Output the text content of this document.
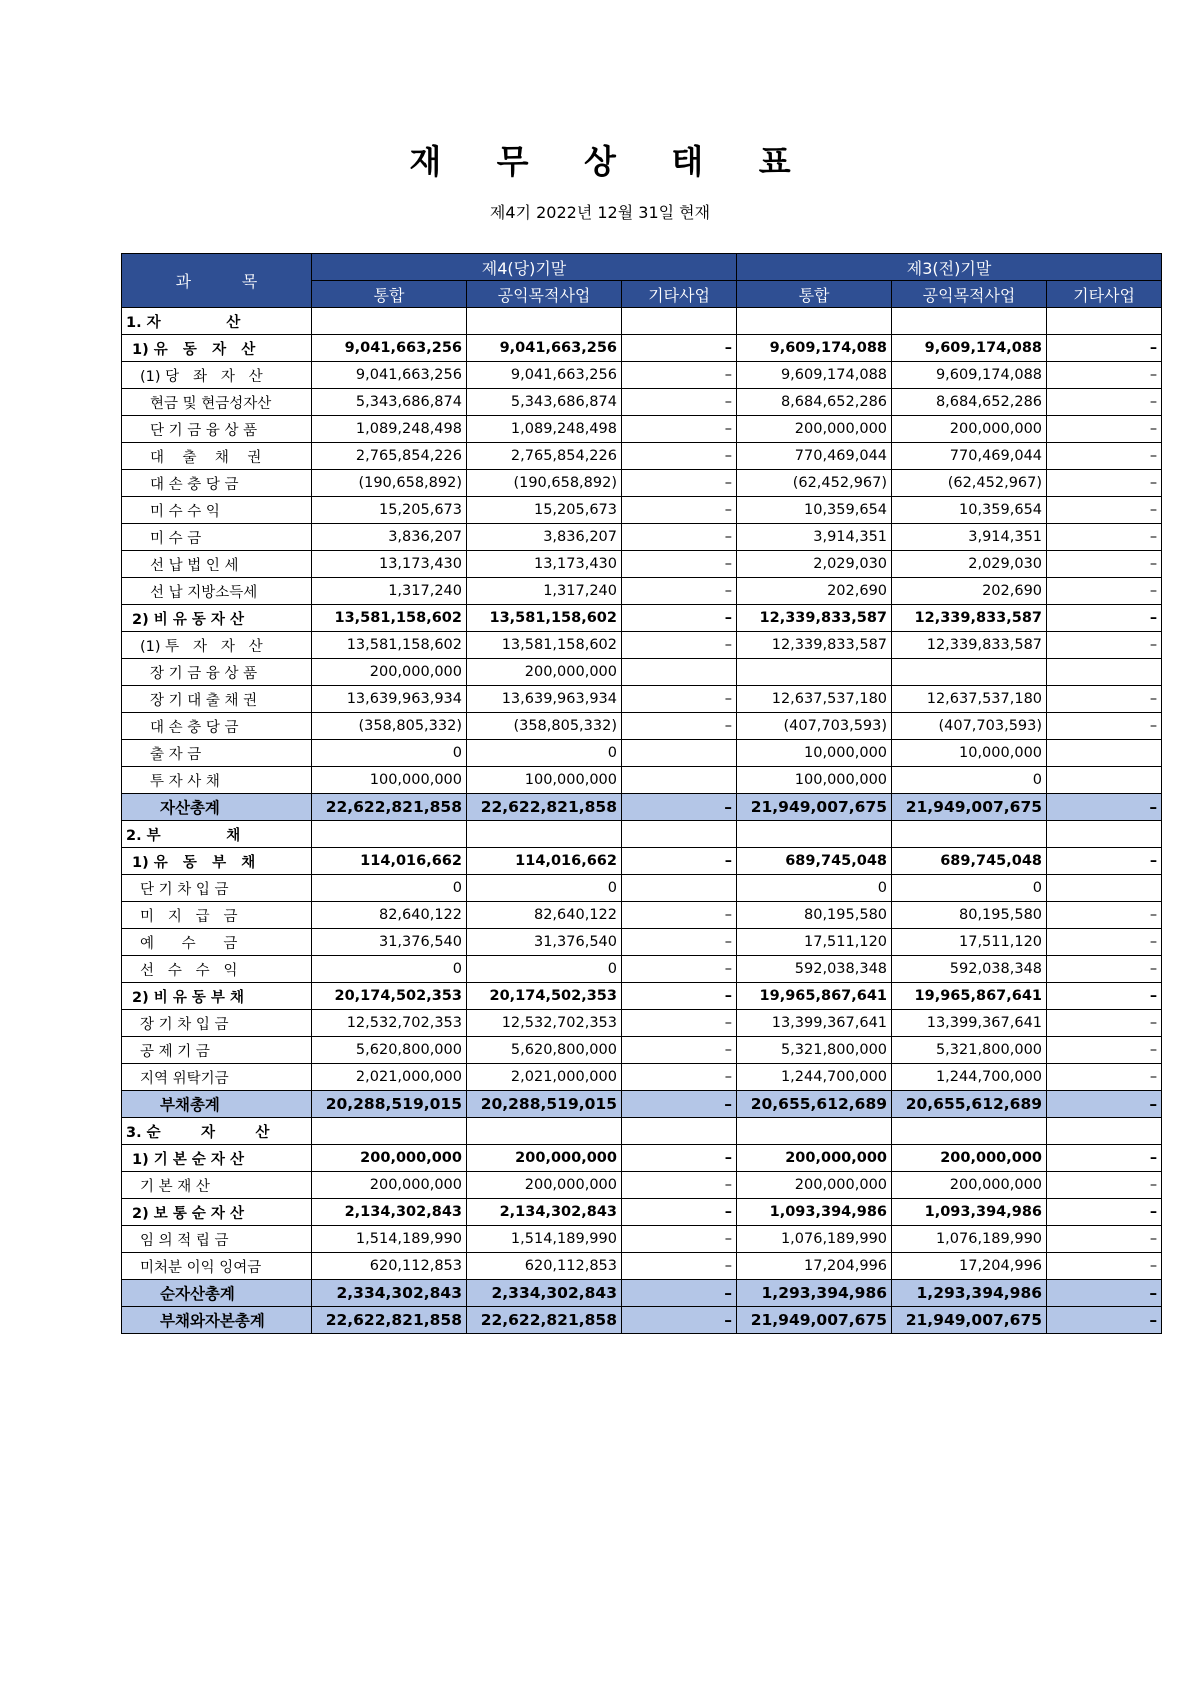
재 무 상 태 표
제4기 2022년 12월 31일 현재
과          목	제4(당)기말			제3(전)기말		
	통합	공익목적사업	기타사업	통합	공익목적사업	기타사업
1. 자             산						
1) 유   동   자   산	9,041,663,256	9,041,663,256	–	9,609,174,088	9,609,174,088	–
(1) 당   좌   자   산	9,041,663,256	9,041,663,256	–	9,609,174,088	9,609,174,088	–
현금 및 현금성자산	5,343,686,874	5,343,686,874	–	8,684,652,286	8,684,652,286	–
단 기 금 융 상 품	1,089,248,498	1,089,248,498	–	200,000,000	200,000,000	–
대    출    채    권	2,765,854,226	2,765,854,226	–	770,469,044	770,469,044	–
대 손 충 당 금	(190,658,892)	(190,658,892)	–	(62,452,967)	(62,452,967)	–
미 수 수 익	15,205,673	15,205,673	–	10,359,654	10,359,654	–
미 수 금	3,836,207	3,836,207	–	3,914,351	3,914,351	–
선 납 법 인 세	13,173,430	13,173,430	–	2,029,030	2,029,030	–
선 납 지방소득세	1,317,240	1,317,240	–	202,690	202,690	–
2) 비 유 동 자 산	13,581,158,602	13,581,158,602	–	12,339,833,587	12,339,833,587	–
(1) 투   자   자   산	13,581,158,602	13,581,158,602	–	12,339,833,587	12,339,833,587	–
장 기 금 융 상 품	200,000,000	200,000,000				
장 기 대 출 채 권	13,639,963,934	13,639,963,934	–	12,637,537,180	12,637,537,180	–
대 손 충 당 금	(358,805,332)	(358,805,332)	–	(407,703,593)	(407,703,593)	–
출 자 금	0	0		10,000,000	10,000,000	
투 자 사 채	100,000,000	100,000,000		100,000,000	0	
자산총계	22,622,821,858	22,622,821,858	–	21,949,007,675	21,949,007,675	–
2. 부             채						
1) 유   동   부   채	114,016,662	114,016,662	–	689,745,048	689,745,048	–
단 기 차 입 금	0	0		0	0	
미   지   급   금	82,640,122	82,640,122	–	80,195,580	80,195,580	–
예      수      금	31,376,540	31,376,540	–	17,511,120	17,511,120	–
선   수   수   익	0	0	–	592,038,348	592,038,348	–
2) 비 유 동 부 채	20,174,502,353	20,174,502,353	–	19,965,867,641	19,965,867,641	–
장 기 차 입 금	12,532,702,353	12,532,702,353	–	13,399,367,641	13,399,367,641	–
공 제 기 금	5,620,800,000	5,620,800,000	–	5,321,800,000	5,321,800,000	–
지역 위탁기금	2,021,000,000	2,021,000,000	–	1,244,700,000	1,244,700,000	–
부채총계	20,288,519,015	20,288,519,015	–	20,655,612,689	20,655,612,689	–
3. 순        자        산						
1) 기 본 순 자 산	200,000,000	200,000,000	–	200,000,000	200,000,000	–
기 본 재 산	200,000,000	200,000,000	–	200,000,000	200,000,000	–
2) 보 통 순 자 산	2,134,302,843	2,134,302,843	–	1,093,394,986	1,093,394,986	–
임 의 적 립 금	1,514,189,990	1,514,189,990	–	1,076,189,990	1,076,189,990	–
미처분 이익 잉여금	620,112,853	620,112,853	–	17,204,996	17,204,996	–
순자산총계	2,334,302,843	2,334,302,843	–	1,293,394,986	1,293,394,986	–
부채와자본총계	22,622,821,858	22,622,821,858	–	21,949,007,675	21,949,007,675	–
